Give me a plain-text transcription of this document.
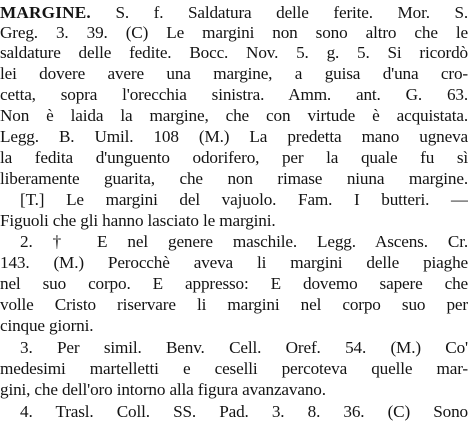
MARGINE. S. f. Saldatura delle ferite. Mor. S.
Greg. 3. 39. (C) Le margini non sono altro che le
saldature delle fedite. Bocc. Nov. 5. g. 5. Si ricordò
lei dovere avere una margine, a guisa d'una cro-
cetta, sopra l'orecchia sinistra. Amm. ant. G. 63.
Non è laida la margine, che con virtude è acquistata.
Legg. B. Umil. 108 (M.) La predetta mano ugneva
la fedita d'unguento odorifero, per la quale fu sì
liberamente guarita, che non rimase niuna margine.
[T.] Le margini del vajuolo. Fam. I butteri. —
Figuoli che gli hanno lasciato le margini.
2. † E nel genere maschile. Legg. Ascens. Cr.
143. (M.) Perocchè aveva li margini delle piaghe
nel suo corpo. E appresso: E dovemo sapere che
volle Cristo riservare li margini nel corpo suo per
cinque giorni.
3. Per simil. Benv. Cell. Oref. 54. (M.) Co'
medesimi martelletti e ceselli percoteva quelle mar-
gini, che dell'oro intorno alla figura avanzavano.
4. Trasl. Coll. SS. Pad. 3. 8. 36. (C) Sono
